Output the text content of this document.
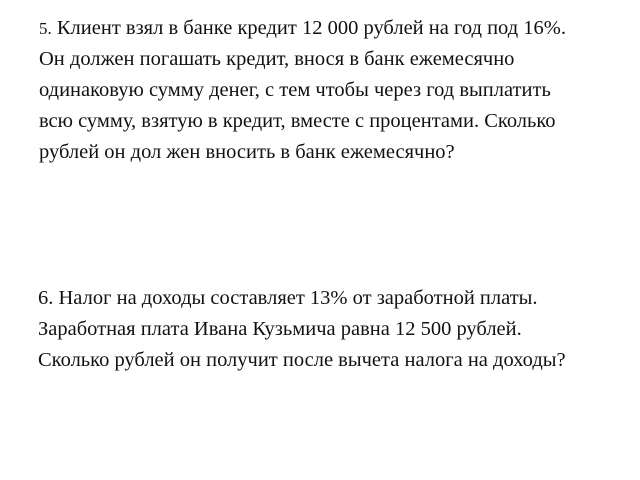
5. Клиент взял в банке кредит 12 000 рублей на год под 16%.
Он должен погашать кредит, внося в банк ежемесячно
одинаковую сумму денег, с тем чтобы через год выплатить
всю сумму, взятую в кредит, вместе с процентами. Сколько
рублей он дол жен вносить в банк ежемесячно?
6. Налог на доходы составляет 13% от заработной платы.
Заработная плата Ивана Кузьмича равна 12 500 рублей.
Сколько рублей он получит после вычета налога на доходы?
